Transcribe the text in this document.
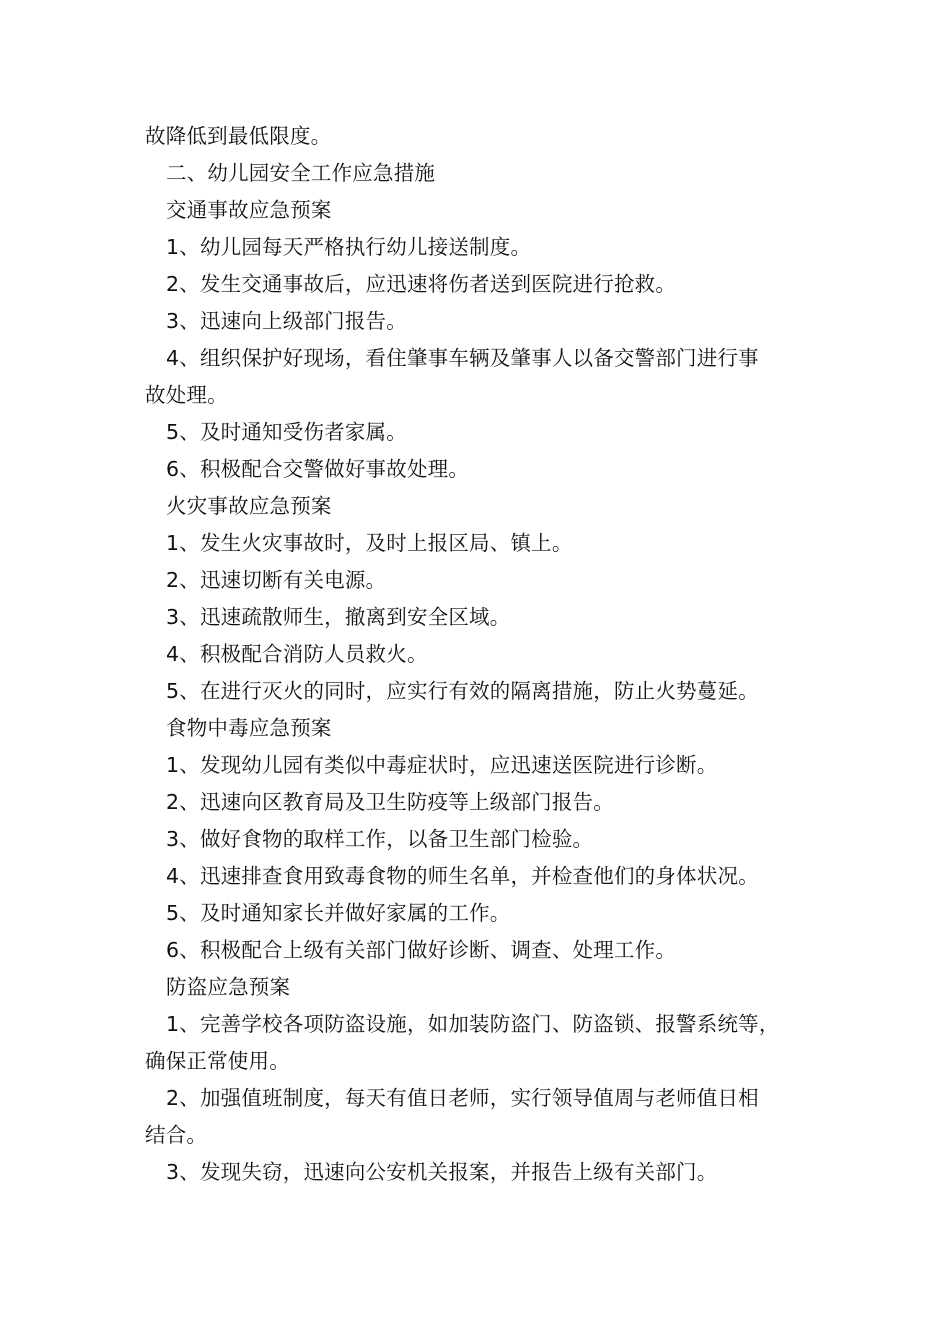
故降低到最低限度。
二、幼儿园安全工作应急措施
交通事故应急预案
1、幼儿园每天严格执行幼儿接送制度。
2、发生交通事故后，应迅速将伤者送到医院进行抢救。
3、迅速向上级部门报告。
4、组织保护好现场，看住肇事车辆及肇事人以备交警部门进行事
故处理。
5、及时通知受伤者家属。
6、积极配合交警做好事故处理。
火灾事故应急预案
1、发生火灾事故时，及时上报区局、镇上。
2、迅速切断有关电源。
3、迅速疏散师生，撤离到安全区域。
4、积极配合消防人员救火。
5、在进行灭火的同时，应实行有效的隔离措施，防止火势蔓延。
食物中毒应急预案
1、发现幼儿园有类似中毒症状时，应迅速送医院进行诊断。
2、迅速向区教育局及卫生防疫等上级部门报告。
3、做好食物的取样工作，以备卫生部门检验。
4、迅速排查食用致毒食物的师生名单，并检查他们的身体状况。
5、及时通知家长并做好家属的工作。
6、积极配合上级有关部门做好诊断、调查、处理工作。
防盗应急预案
1、完善学校各项防盗设施，如加装防盗门、防盗锁、报警系统等，
确保正常使用。
2、加强值班制度，每天有值日老师，实行领导值周与老师值日相
结合。
3、发现失窃，迅速向公安机关报案，并报告上级有关部门。
